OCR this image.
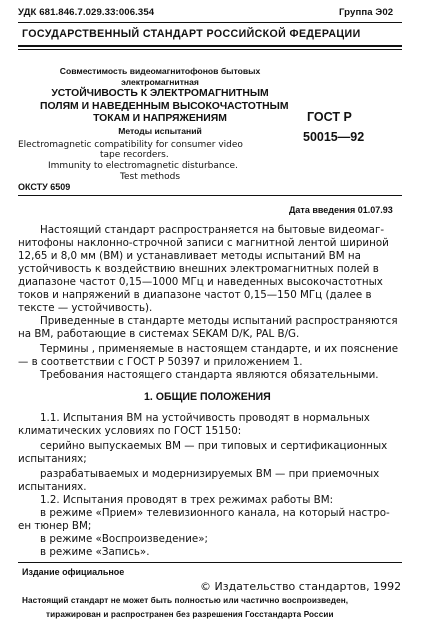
УДК 681.846.7.029.33:006.354	Группа Э02
ГОСУДАРСТВЕННЫЙ СТАНДАРТ РОССИЙСКОЙ ФЕДЕРАЦИИ
Совместимость видеомагнитофонов бытовых
электромагнитная
УСТОЙЧИВОСТЬ К ЭЛЕКТРОМАГНИТНЫМ
ПОЛЯМ И НАВЕДЕННЫМ ВЫСОКОЧАСТОТНЫМ
ТОКАМ И НАПРЯЖЕНИЯМ
Методы испытаний
Electromagnetic compatibility for consumer video
tape recorders.
Immunity to electromagnetic disturbance.
Test methods
ГОСТ Р
50015—92
ОКСТУ 6509
Дата введения 01.07.93
Настоящий стандарт распространяется на бытовые видеомаг-
нитофоны наклонно-строчной записи с магнитной лентой шириной
12,65 и 8,0 мм (ВМ) и устанавливает методы испытаний ВМ на
устойчивость к воздействию внешних электромагнитных полей в
диапазоне частот 0,15—1000 МГц и наведенных высокочастотных
токов и напряжений в диапазоне частот 0,15—150 МГц (далее в
тексте — устойчивость).
Приведенные в стандарте методы испытаний распространяются
на ВМ, работающие в системах SEKAM D/K, PAL B/G.
Термины , применяемые в настоящем стандарте, и их пояснение
— в соответствии с ГОСТ Р 50397 и приложением 1.
Требования настоящего стандарта являются обязательными.
1. ОБЩИЕ ПОЛОЖЕНИЯ
1.1. Испытания ВМ на устойчивость проводят в нормальных
климатических условиях по ГОСТ 15150:
серийно выпускаемых ВМ — при типовых и сертификационных
испытаниях;
разрабатываемых и модернизируемых ВМ — при приемочных
испытаниях.
1.2. Испытания проводят в трех режимах работы ВМ:
в режиме «Прием» телевизионного канала, на который настро-
ен тюнер ВМ;
в режиме «Воспроизведение»;
в режиме «Запись».
Издание официальное
© Издательство стандартов, 1992
Настоящий стандарт не может быть полностью или частично воспроизведен,
тиражирован и распространен без разрешения Госстандарта России
